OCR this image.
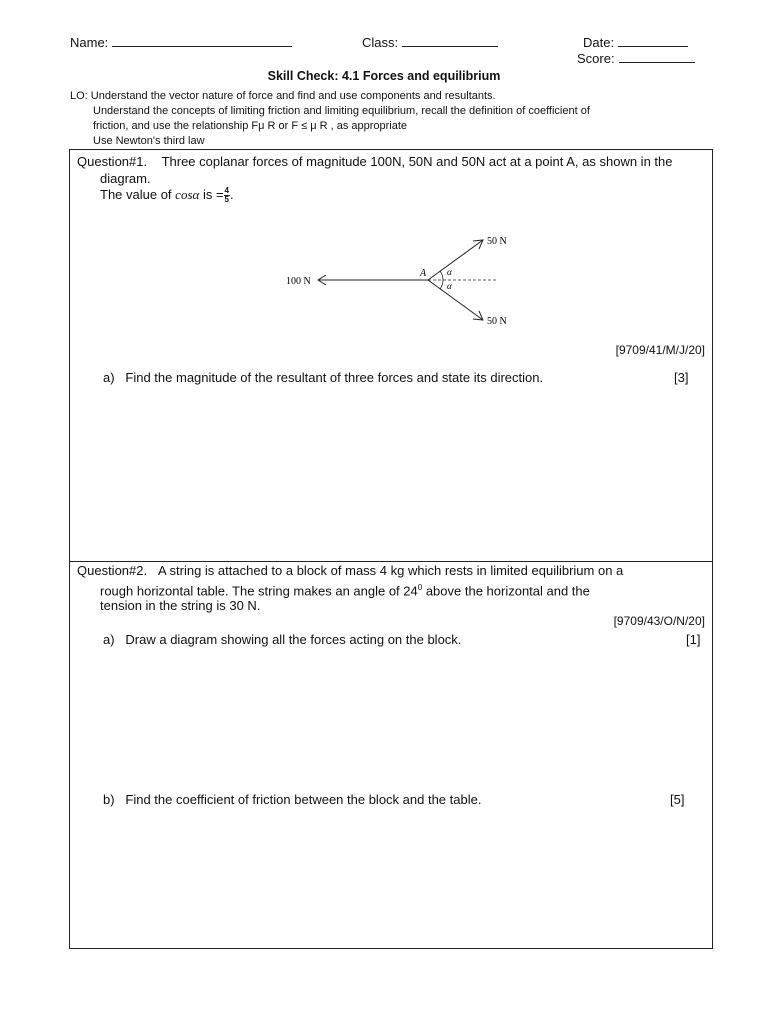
Name:	Class:	Date:
Score:
Skill Check: 4.1 Forces and equilibrium
LO: Understand the vector nature of force and find and use components and resultants.
Understand the concepts of limiting friction and limiting equilibrium, recall the definition of coefficient of
friction, and use the relationship Fμ R or F ≤ μ R , as appropriate
Use Newton's third law
Question#1. Three coplanar forces of magnitude 100N, 50N and 50N act at a point A, as shown in the
diagram.
The value of cosα is = $\frac{4}{5}$ .
100 N
50 N
50 N
A α
α
[9709/41/M/J/20]
a) Find the magnitude of the resultant of three forces and state its direction.	[3]
Question#2. A string is attached to a block of mass 4 kg which rests in limited equilibrium on a
rough horizontal table. The string makes an angle of $24^0$ above the horizontal and the
tension in the string is 30 N.
[9709/43/O/N/20]
a) Draw a diagram showing all the forces acting on the block.	[1]
b) Find the coefficient of friction between the block and the table.	[5]
